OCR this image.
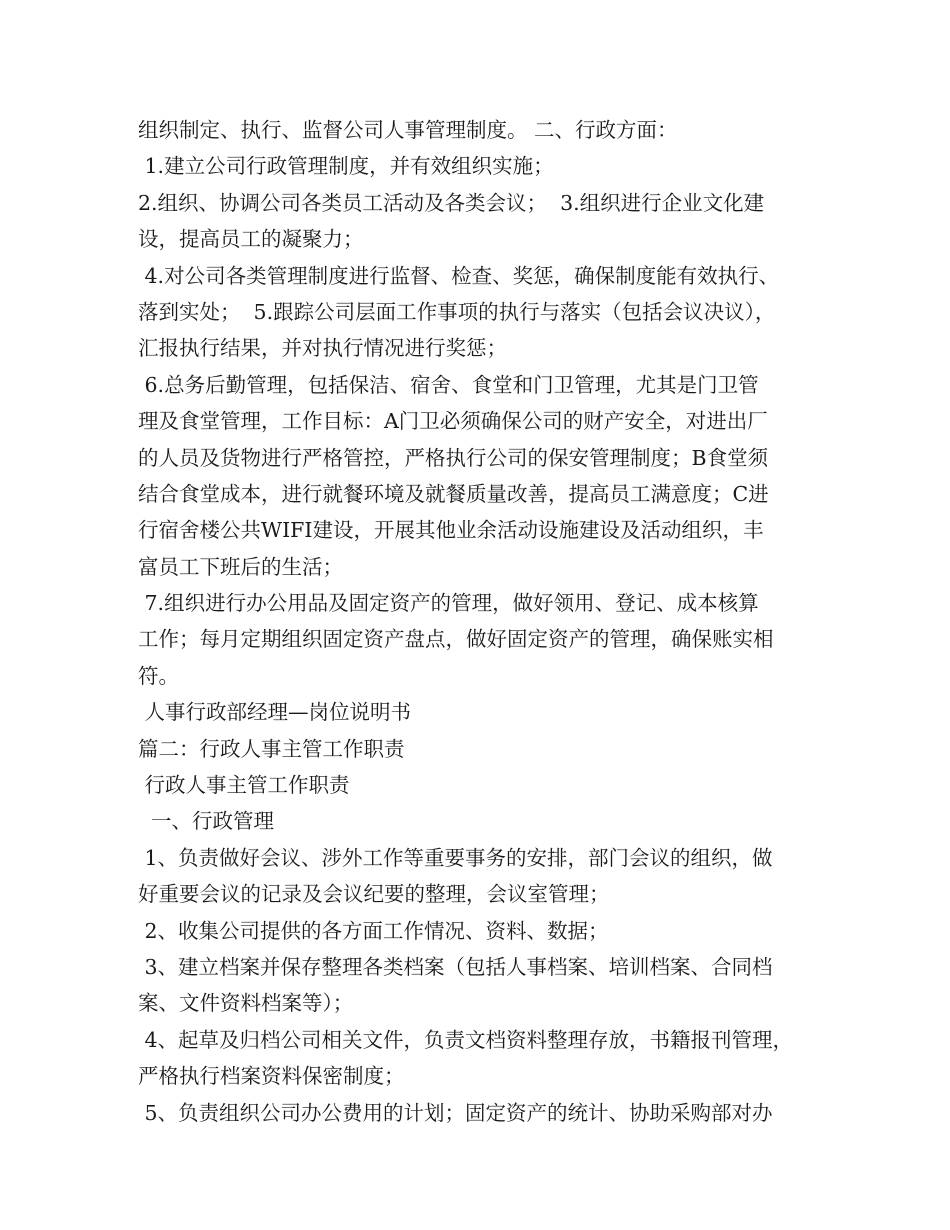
组织制定、执行、监督公司人事管理制度。 二、行政方面：
1.建立公司行政管理制度，并有效组织实施；
2.组织、协调公司各类员工活动及各类会议；  3.组织进行企业文化建
设，提高员工的凝聚力；
4.对公司各类管理制度进行监督、检查、奖惩，确保制度能有效执行、
落到实处；  5.跟踪公司层面工作事项的执行与落实（包括会议决议），
汇报执行结果，并对执行情况进行奖惩；
6.总务后勤管理，包括保洁、宿舍、食堂和门卫管理，尤其是门卫管
理及食堂管理，工作目标：A门卫必须确保公司的财产安全，对进出厂
的人员及货物进行严格管控，严格执行公司的保安管理制度；B食堂须
结合食堂成本，进行就餐环境及就餐质量改善，提高员工满意度；C进
行宿舍楼公共WIFI建设，开展其他业余活动设施建设及活动组织，丰
富员工下班后的生活；
7.组织进行办公用品及固定资产的管理，做好领用、登记、成本核算
工作；每月定期组织固定资产盘点，做好固定资产的管理，确保账实相
符。
人事行政部经理—岗位说明书
篇二：行政人事主管工作职责
行政人事主管工作职责
一、行政管理
1、负责做好会议、涉外工作等重要事务的安排，部门会议的组织，做
好重要会议的记录及会议纪要的整理，会议室管理；
2、收集公司提供的各方面工作情况、资料、数据；
3、建立档案并保存整理各类档案（包括人事档案、培训档案、合同档
案、文件资料档案等）；
4、起草及归档公司相关文件，负责文档资料整理存放，书籍报刊管理，
严格执行档案资料保密制度；
5、负责组织公司办公费用的计划；固定资产的统计、协助采购部对办
